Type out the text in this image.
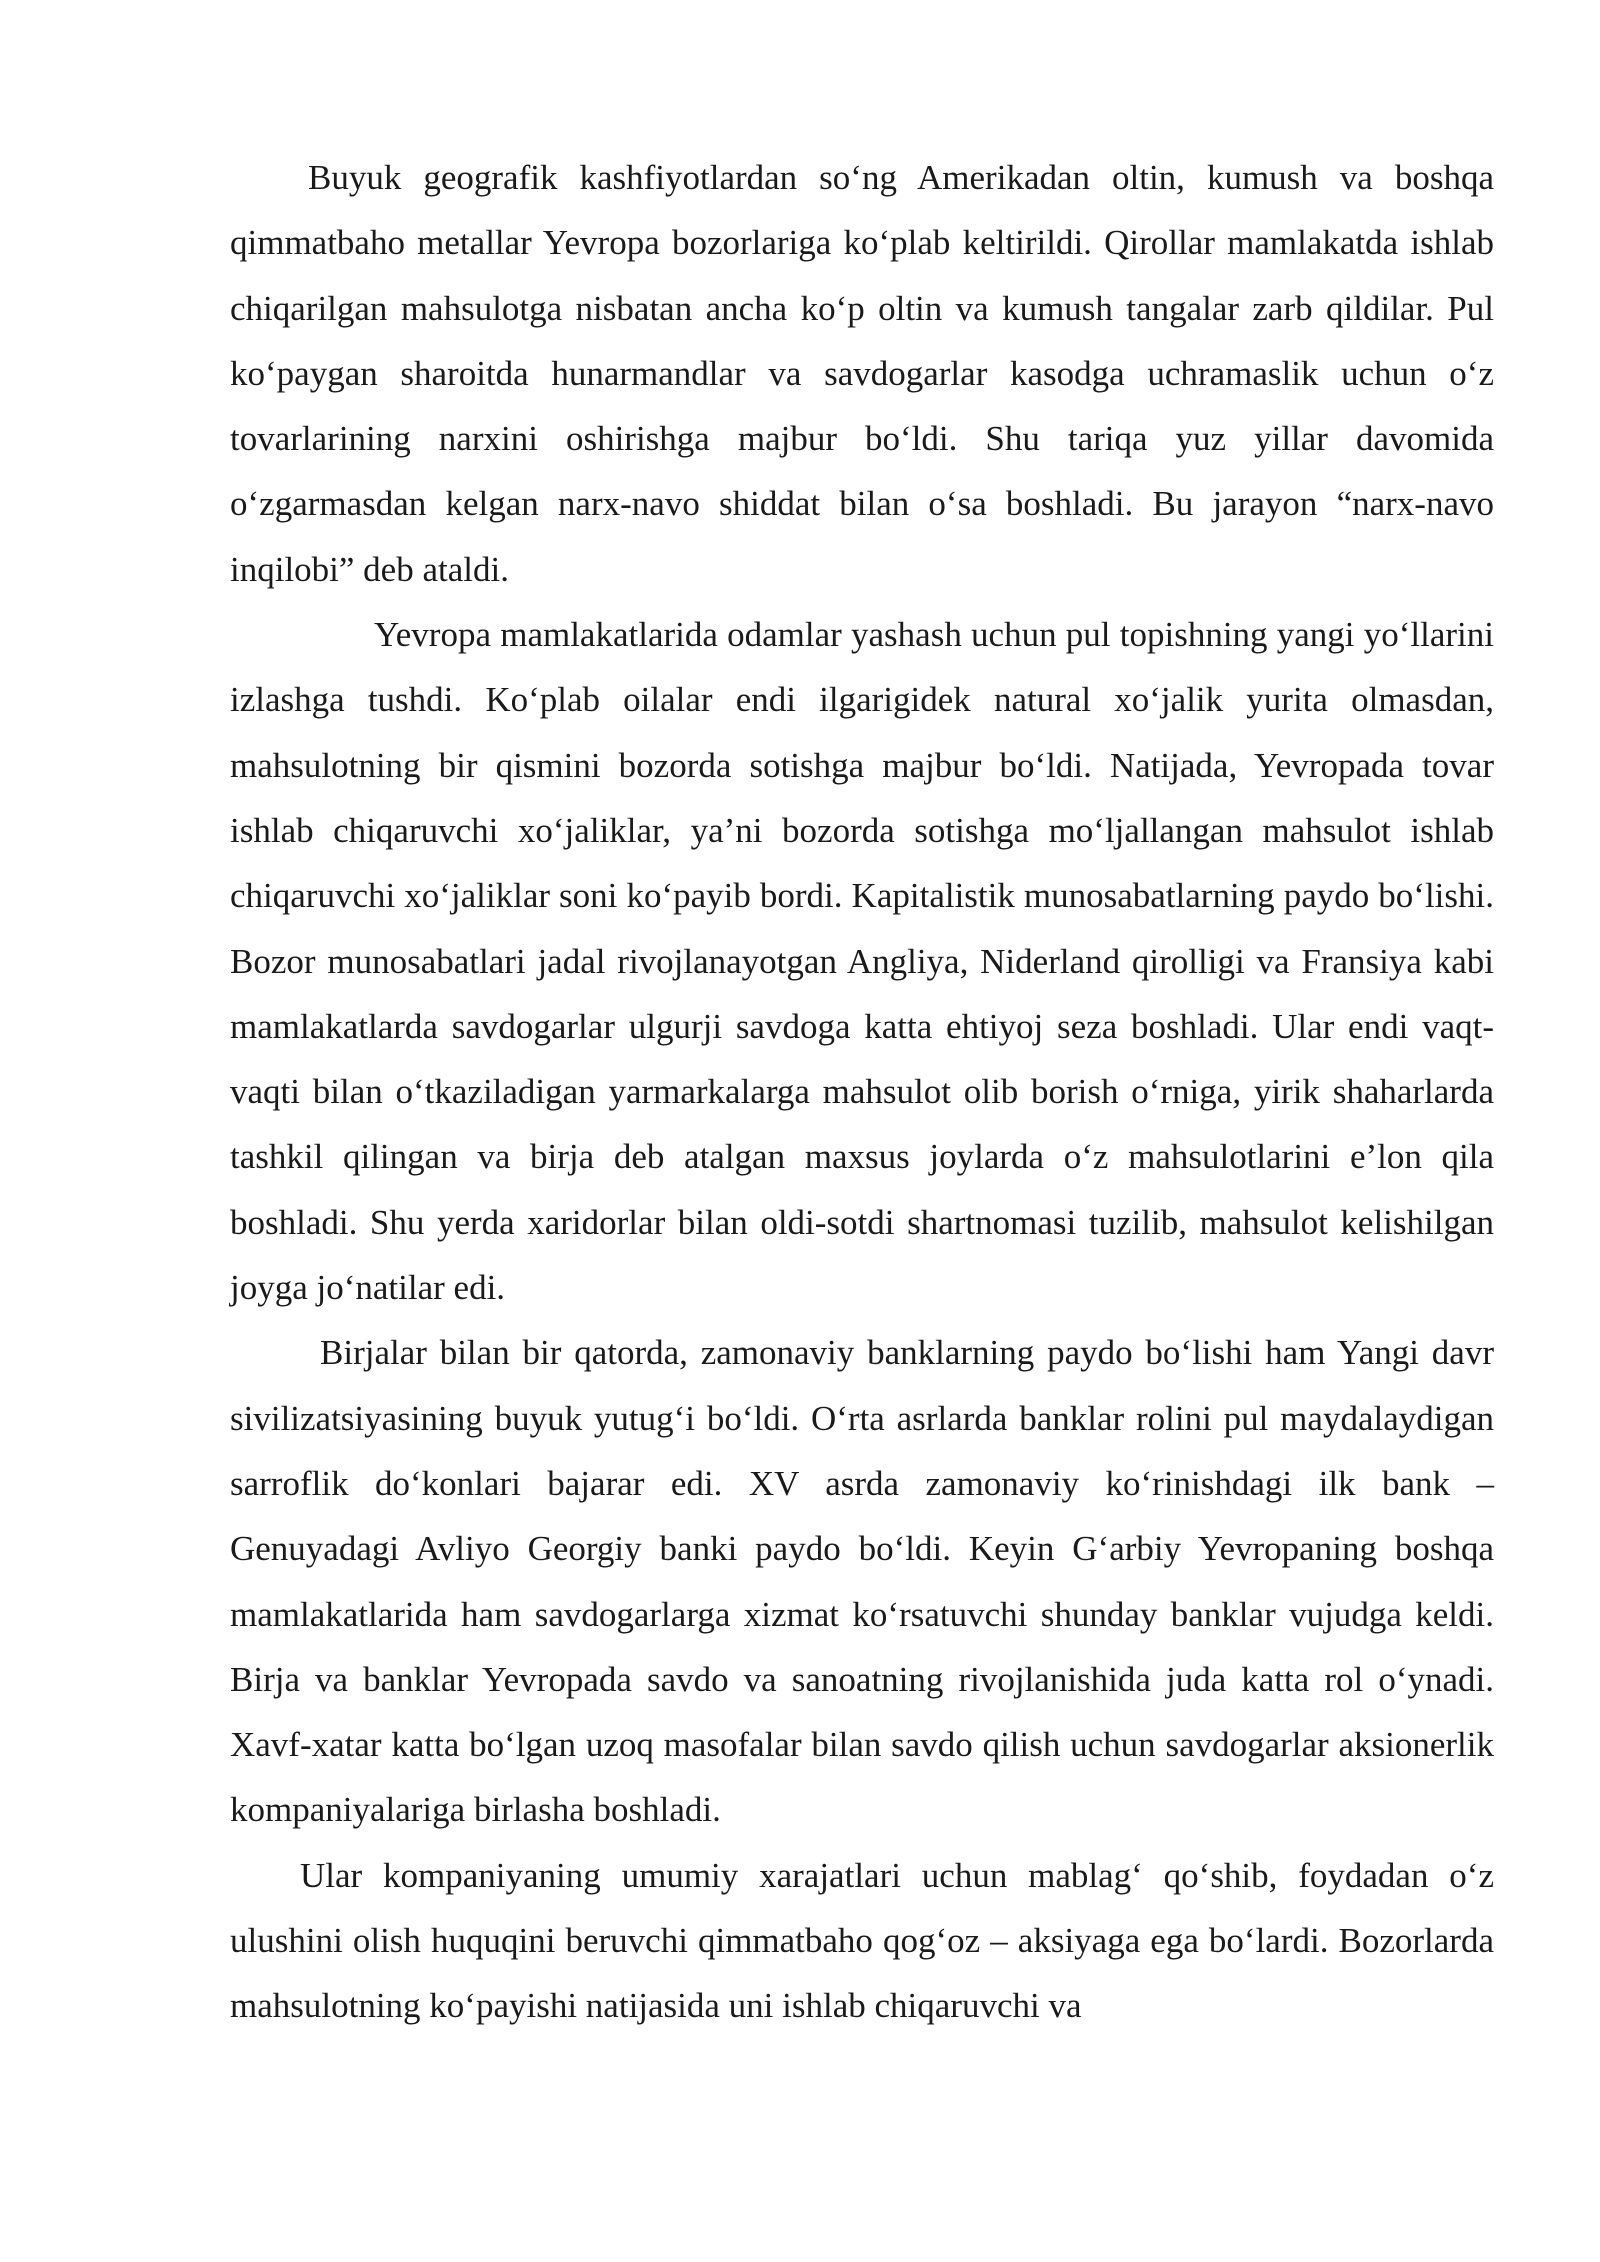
Buyuk geografik kashfiyotlardan so‘ng Amerikadan oltin, kumush va boshqa qimmatbaho metallar Yevropa bozorlariga ko‘plab keltirildi. Qirollar mamlakatda ishlab chiqarilgan mahsulotga nisbatan ancha ko‘p oltin va kumush tangalar zarb qildilar. Pul ko‘paygan sharoitda hunarmandlar va savdogarlar kasodga uchramaslik uchun o‘z tovarlarining narxini oshirishga majbur bo‘ldi. Shu tariqa yuz yillar davomida o‘zgarmasdan kelgan narx-navo shiddat bilan o‘sa boshladi. Bu jarayon “narx-navo inqilobi” deb ataldi.

Yevropa mamlakatlarida odamlar yashash uchun pul topishning yangi yo‘llarini izlashga tushdi. Ko‘plab oilalar endi ilgarigidek natural xo‘jalik yurita olmasdan, mahsulotning bir qismini bozorda sotishga majbur bo‘ldi. Natijada, Yevropada tovar ishlab chiqaruvchi xo‘jaliklar, ya’ni bozorda sotishga mo‘ljallangan mahsulot ishlab chiqaruvchi xo‘jaliklar soni ko‘payib bordi. Kapitalistik munosabatlarning paydo bo‘lishi. Bozor munosabatlari jadal rivojlanayotgan Angliya, Niderland qirolligi va Fransiya kabi mamlakatlarda savdogarlar ulgurji savdoga katta ehtiyoj seza boshladi. Ular endi vaqt-vaqti bilan o‘tkaziladigan yarmarkalarga mahsulot olib borish o‘rniga, yirik shaharlarda tashkil qilingan va birja deb atalgan maxsus joylarda o‘z mahsulotlarini e’lon qila boshladi. Shu yerda xaridorlar bilan oldi-sotdi shartnomasi tuzilib, mahsulot kelishilgan joyga jo‘natilar edi.

Birjalar bilan bir qatorda, zamonaviy banklarning paydo bo‘lishi ham Yangi davr sivilizatsiyasining buyuk yutug‘i bo‘ldi. O‘rta asrlarda banklar rolini pul maydalaydigan sarroflik do‘konlari bajarar edi. XV asrda zamonaviy ko‘rinishdagi ilk bank – Genuyadagi Avliyo Georgiy banki paydo bo‘ldi. Keyin G‘arbiy Yevropaning boshqa mamlakatlarida ham savdogarlarga xizmat ko‘rsatuvchi shunday banklar vujudga keldi. Birja va banklar Yevropada savdo va sanoatning rivojlanishida juda katta rol o‘ynadi. Xavf-xatar katta bo‘lgan uzoq masofalar bilan savdo qilish uchun savdogarlar aksionerlik kompaniyalariga birlasha boshladi.

Ular kompaniyaning umumiy xarajatlari uchun mablag‘ qo‘shib, foydadan o‘z ulushini olish huquqini beruvchi qimmatbaho qog‘oz – aksiyaga ega bo‘lardi. Bozorlarda mahsulotning ko‘payishi natijasida uni ishlab chiqaruvchi va
